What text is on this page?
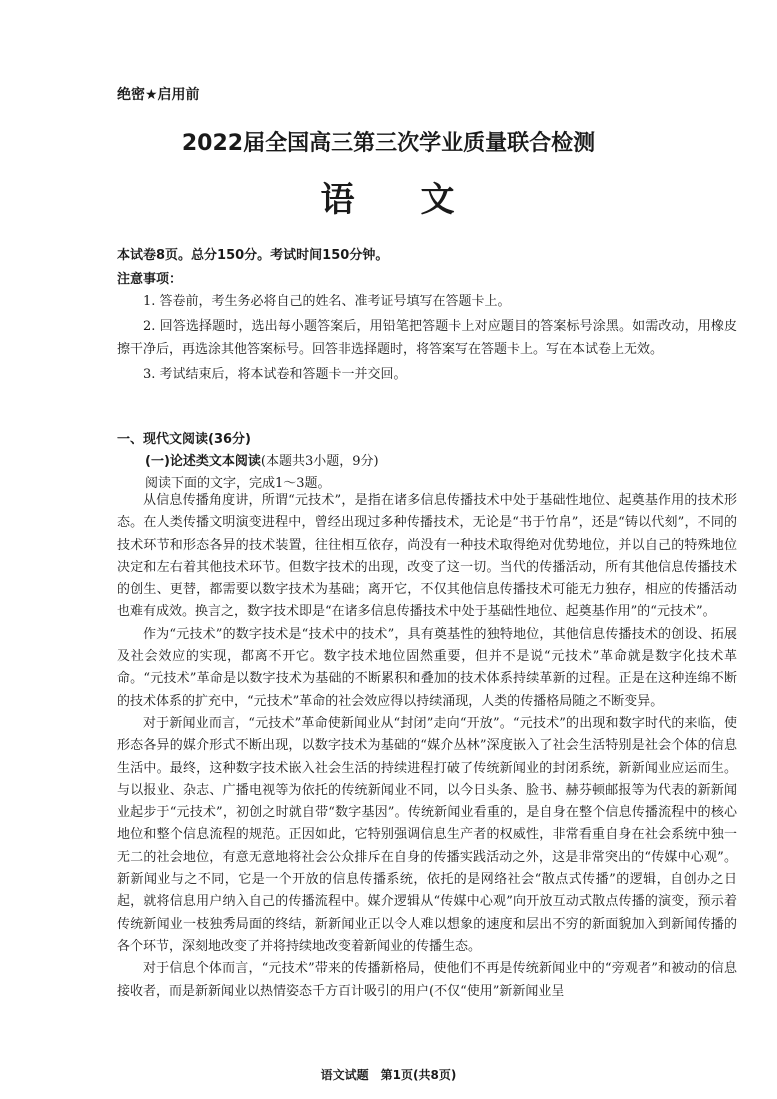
绝密★启用前
2022届全国高三第三次学业质量联合检测
语 文
本试卷8页。总分150分。考试时间150分钟。
注意事项：

1. 答卷前，考生务必将自己的姓名、准考证号填写在答题卡上。

2. 回答选择题时，选出每小题答案后，用铅笔把答题卡上对应题目的答案标号涂黑。如需改动，用橡皮擦干净后，再选涂其他答案标号。回答非选择题时，将答案写在答题卡上。写在本试卷上无效。

3. 考试结束后，将本试卷和答题卡一并交回。

一、现代文阅读(36分)
(一)论述类文本阅读(本题共3小题，9分)
阅读下面的文字，完成1～3题。

从信息传播角度讲，所谓“元技术”，是指在诸多信息传播技术中处于基础性地位、起奠基作用的技术形态。在人类传播文明演变进程中，曾经出现过多种传播技术，无论是“书于竹帛”，还是“铸以代刻”，不同的技术环节和形态各异的技术装置，往往相互依存，尚没有一种技术取得绝对优势地位，并以自己的特殊地位决定和左右着其他技术环节。但数字技术的出现，改变了这一切。当代的传播活动，所有其他信息传播技术的创生、更替，都需要以数字技术为基础；离开它，不仅其他信息传播技术可能无力独存，相应的传播活动也难有成效。换言之，数字技术即是“在诸多信息传播技术中处于基础性地位、起奠基作用”的“元技术”。

作为“元技术”的数字技术是“技术中的技术”，具有奠基性的独特地位，其他信息传播技术的创设、拓展及社会效应的实现，都离不开它。数字技术地位固然重要，但并不是说“元技术”革命就是数字化技术革命。“元技术”革命是以数字技术为基础的不断累积和叠加的技术体系持续革新的过程。正是在这种连绵不断的技术体系的扩充中，“元技术”革命的社会效应得以持续涌现，人类的传播格局随之不断变异。

对于新闻业而言，“元技术”革命使新闻业从“封闭”走向“开放”。“元技术”的出现和数字时代的来临，使形态各异的媒介形式不断出现，以数字技术为基础的“媒介丛林”深度嵌入了社会生活特别是社会个体的信息生活中。最终，这种数字技术嵌入社会生活的持续进程打破了传统新闻业的封闭系统，新新闻业应运而生。与以报业、杂志、广播电视等为依托的传统新闻业不同，以今日头条、脸书、赫芬顿邮报等为代表的新新闻业起步于“元技术”，初创之时就自带“数字基因”。传统新闻业看重的，是自身在整个信息传播流程中的核心地位和整个信息流程的规范。正因如此，它特别强调信息生产者的权威性，非常看重自身在社会系统中独一无二的社会地位，有意无意地将社会公众排斥在自身的传播实践活动之外，这是非常突出的“传媒中心观”。新新闻业与之不同，它是一个开放的信息传播系统，依托的是网络社会“散点式传播”的逻辑，自创办之日起，就将信息用户纳入自己的传播流程中。媒介逻辑从“传媒中心观”向开放互动式散点传播的演变，预示着传统新闻业一枝独秀局面的终结，新新闻业正以令人难以想象的速度和层出不穷的新面貌加入到新闻传播的各个环节，深刻地改变了并将持续地改变着新闻业的传播生态。

对于信息个体而言，“元技术”带来的传播新格局，使他们不再是传统新闻业中的“旁观者”和被动的信息接收者，而是新新闻业以热情姿态千方百计吸引的用户(不仅“使用”新新闻业呈

语文试题　第1页(共8页)
